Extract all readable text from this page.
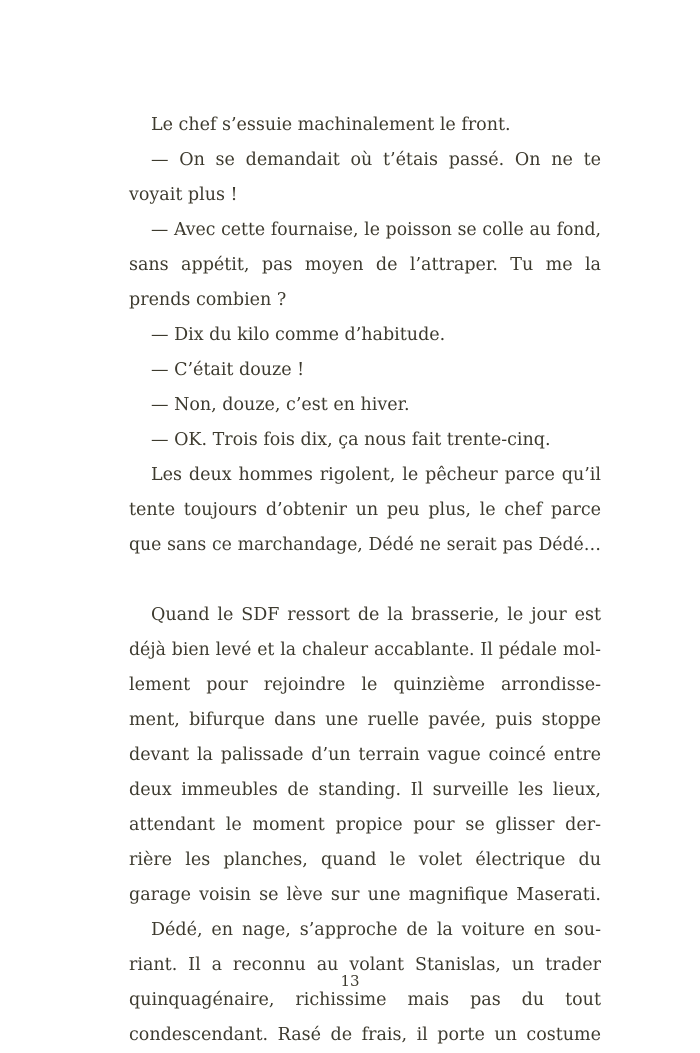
Le chef s’essuie machinalement le front.
— On se demandait où t’étais passé. On ne te
voyait plus !
— Avec cette fournaise, le poisson se colle au fond,
sans appétit, pas moyen de l’attraper. Tu me la
prends combien ?
— Dix du kilo comme d’habitude.
— C’était douze !
— Non, douze, c’est en hiver.
— OK. Trois fois dix, ça nous fait trente-cinq.
Les deux hommes rigolent, le pêcheur parce qu’il
tente toujours d’obtenir un peu plus, le chef parce
que sans ce marchandage, Dédé ne serait pas Dédé…
Quand le SDF ressort de la brasserie, le jour est
déjà bien levé et la chaleur accablante. Il pédale mol-
lement pour rejoindre le quinzième arrondisse-
ment, bifurque dans une ruelle pavée, puis stoppe
devant la palissade d’un terrain vague coincé entre
deux immeubles de standing. Il surveille les lieux,
attendant le moment propice pour se glisser der-
rière les planches, quand le volet électrique du
garage voisin se lève sur une magnifique Maserati.
Dédé, en nage, s’approche de la voiture en sou-
riant. Il a reconnu au volant Stanislas, un trader
quinquagénaire, richissime mais pas du tout
condescendant. Rasé de frais, il porte un costume
13
